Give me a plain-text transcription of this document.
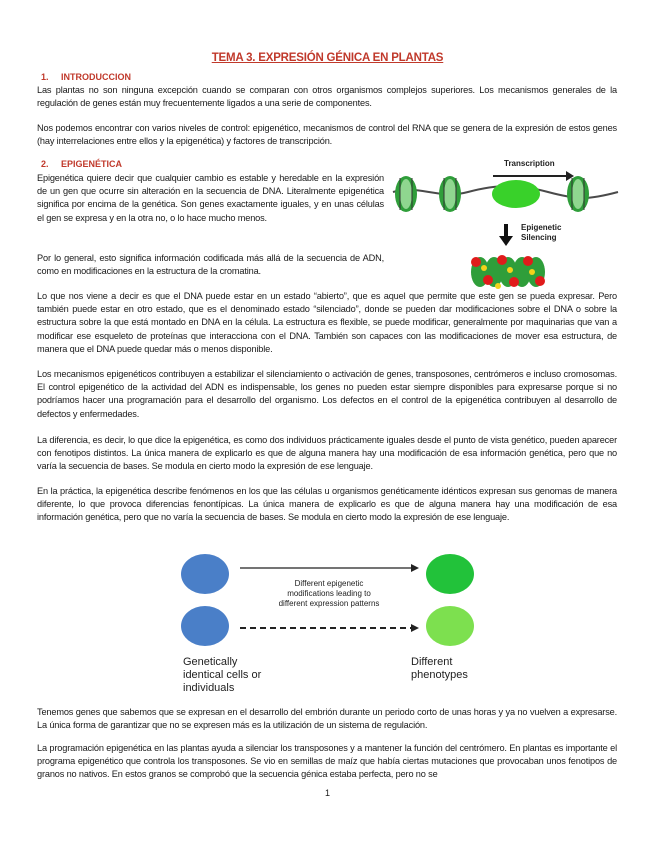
TEMA 3. EXPRESIÓN GÉNICA EN PLANTAS
1. INTRODUCCION
Las plantas no son ninguna excepción cuando se comparan con otros organismos complejos superiores. Los mecanismos generales de la regulación de genes están muy frecuentemente ligados a una serie de componentes.
Nos podemos encontrar con varios niveles de control: epigenético, mecanismos de control del RNA que se genera de la expresión de estos genes (hay interrelaciones entre ellos y la epigenética) y factores de transcripción.
2. EPIGENÉTICA
Epigenética quiere decir que cualquier cambio es estable y heredable en la expresión de un gen que ocurre sin alteración en la secuencia de DNA. Literalmente epigenética significa por encima de la genética. Son genes exactamente iguales, y en unas células el gen se expresa y en la otra no, o lo hace mucho menos.
Por lo general, esto significa información codificada más allá de la secuencia de ADN, como en modificaciones en la estructura de la cromatina.
Transcription
Epigenetic
Silencing
Lo que nos viene a decir es que el DNA puede estar en un estado “abierto”, que es aquel que permite que este gen se pueda expresar. Pero también puede estar en otro estado, que es el denominado estado “silenciado”, donde se pueden dar modificaciones sobre el DNA o sobre la estructura sobre la que está montado en DNA en la célula. La estructura es flexible, se puede modificar, generalmente por maquinarias que van a modificar ese esqueleto de proteínas que interacciona con el DNA. También son capaces con las modificaciones de mover esa estructura, de manera que el DNA puede quedar más o menos disponible.
Los mecanismos epigenéticos contribuyen a estabilizar el silenciamiento o activación de genes, transposones, centrómeros e incluso cromosomas. El control epigenético de la actividad del ADN es indispensable, los genes no pueden estar siempre disponibles para expresarse porque si no podríamos hacer una programación para el desarrollo del organismo. Los defectos en el control de la epigenética contribuyen al desarrollo de defectos y enfermedades.
La diferencia, es decir, lo que dice la epigenética, es como dos individuos prácticamente iguales desde el punto de vista genético, pueden aparecer con fenotipos distintos. La única manera de explicarlo es que de alguna manera hay una modificación de esa información genética, pero que no varía la secuencia de bases. Se modula en cierto modo la expresión de ese lenguaje.
En la práctica, la epigenética describe fenómenos en los que las células u organismos genéticamente idénticos expresan sus genomas de manera diferente, lo que provoca diferencias fenontípicas. La única manera de explicarlo es que de alguna manera hay una modificación de esa información genética, pero que no varía la secuencia de bases. Se modula en cierto modo la expresión de ese lenguaje.
Different epigenetic
modifications leading to
different expression patterns
Genetically
identical cells or
individuals
Different
phenotypes
Tenemos genes que sabemos que se expresan en el desarrollo del embrión durante un periodo corto de unas horas y ya no vuelven a expresarse. La única forma de garantizar que no se expresen más es la utilización de un sistema de regulación.
La programación epigenética en las plantas ayuda a silenciar los transposones y a mantener la función del centrómero. En plantas es importante el programa epigenético que controla los transposones. Se vio en semillas de maíz que había ciertas mutaciones que provocaban unos fenotipos de granos no nativos. En estos granos se comprobó que la secuencia génica estaba perfecta, pero no se
1
